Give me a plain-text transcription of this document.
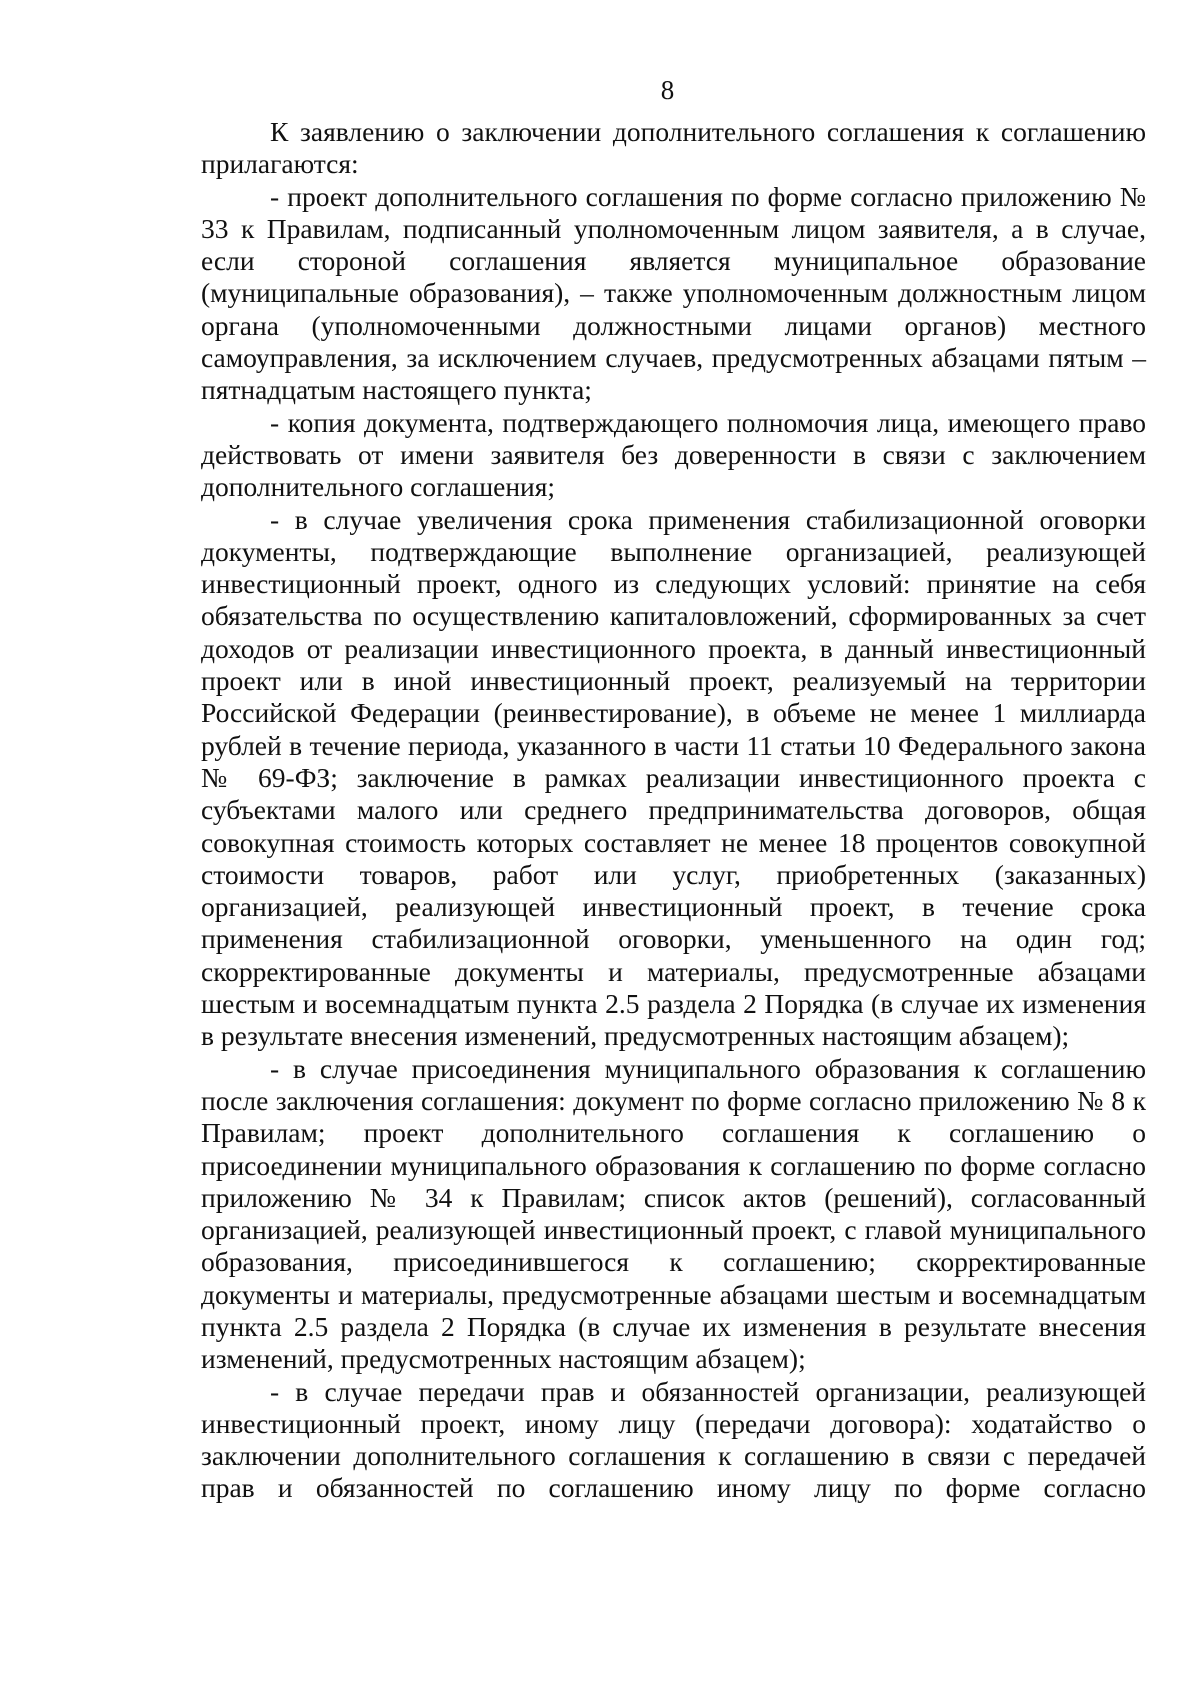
8

К заявлению о заключении дополнительного соглашения к соглашению прилагаются:

- проект дополнительного соглашения по форме согласно приложению № 33 к Правилам, подписанный уполномоченным лицом заявителя, а в случае, если стороной соглашения является муниципальное образование (муниципальные образования), – также уполномоченным должностным лицом органа (уполномоченными должностными лицами органов) местного самоуправления, за исключением случаев, предусмотренных абзацами пятым – пятнадцатым настоящего пункта;

- копия документа, подтверждающего полномочия лица, имеющего право действовать от имени заявителя без доверенности в связи с заключением дополнительного соглашения;

- в случае увеличения срока применения стабилизационной оговорки документы, подтверждающие выполнение организацией, реализующей инвестиционный проект, одного из следующих условий: принятие на себя обязательства по осуществлению капиталовложений, сформированных за счет доходов от реализации инвестиционного проекта, в данный инвестиционный проект или в иной инвестиционный проект, реализуемый на территории Российской Федерации (реинвестирование), в объеме не менее 1 миллиарда рублей в течение периода, указанного в части 11 статьи 10 Федерального закона № 69-ФЗ; заключение в рамках реализации инвестиционного проекта с субъектами малого или среднего предпринимательства договоров, общая совокупная стоимость которых составляет не менее 18 процентов совокупной стоимости товаров, работ или услуг, приобретенных (заказанных) организацией, реализующей инвестиционный проект, в течение срока применения стабилизационной оговорки, уменьшенного на один год; скорректированные документы и материалы, предусмотренные абзацами шестым и восемнадцатым пункта 2.5 раздела 2 Порядка (в случае их изменения в результате внесения изменений, предусмотренных настоящим абзацем);

- в случае присоединения муниципального образования к соглашению после заключения соглашения: документ по форме согласно приложению № 8 к Правилам; проект дополнительного соглашения к соглашению о присоединении муниципального образования к соглашению по форме согласно приложению № 34 к Правилам; список актов (решений), согласованный организацией, реализующей инвестиционный проект, с главой муниципального образования, присоединившегося к соглашению; скорректированные документы и материалы, предусмотренные абзацами шестым и восемнадцатым пункта 2.5 раздела 2 Порядка (в случае их изменения в результате внесения изменений, предусмотренных настоящим абзацем);

- в случае передачи прав и обязанностей организации, реализующей инвестиционный проект, иному лицу (передачи договора): ходатайство о заключении дополнительного соглашения к соглашению в связи с передачей прав и обязанностей по соглашению иному лицу по форме согласно
